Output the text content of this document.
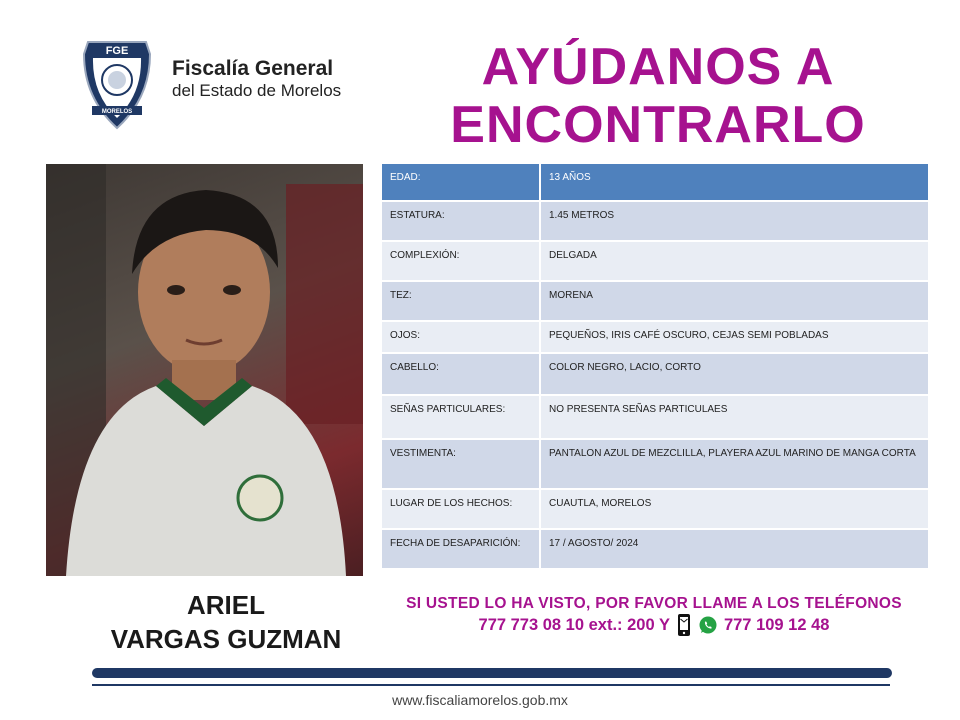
FGE
MORELOS
Fiscalía General
del Estado de Morelos	AYÚDANOS A
ENCONTRARLO
ARIEL
VARGAS GUZMAN
EDAD:	13 AÑOS
ESTATURA:	1.45 METROS
COMPLEXIÓN:	DELGADA
TEZ:	MORENA
OJOS:	PEQUEÑOS, IRIS CAFÉ OSCURO, CEJAS SEMI POBLADAS
CABELLO:	COLOR NEGRO, LACIO, CORTO
SEÑAS PARTICULARES:	NO PRESENTA SEÑAS PARTICULAES
VESTIMENTA:	PANTALON AZUL DE MEZCLILLA, PLAYERA AZUL MARINO DE MANGA CORTA
LUGAR DE LOS HECHOS:	CUAUTLA, MORELOS
FECHA DE DESAPARICIÓN:	17 / AGOSTO/ 2024
SI USTED LO HA VISTO, POR FAVOR LLAME A LOS TELÉFONOS
777 773 08 10 ext.: 200 Y	777 109 12 48
www.fiscaliamorelos.gob.mx
